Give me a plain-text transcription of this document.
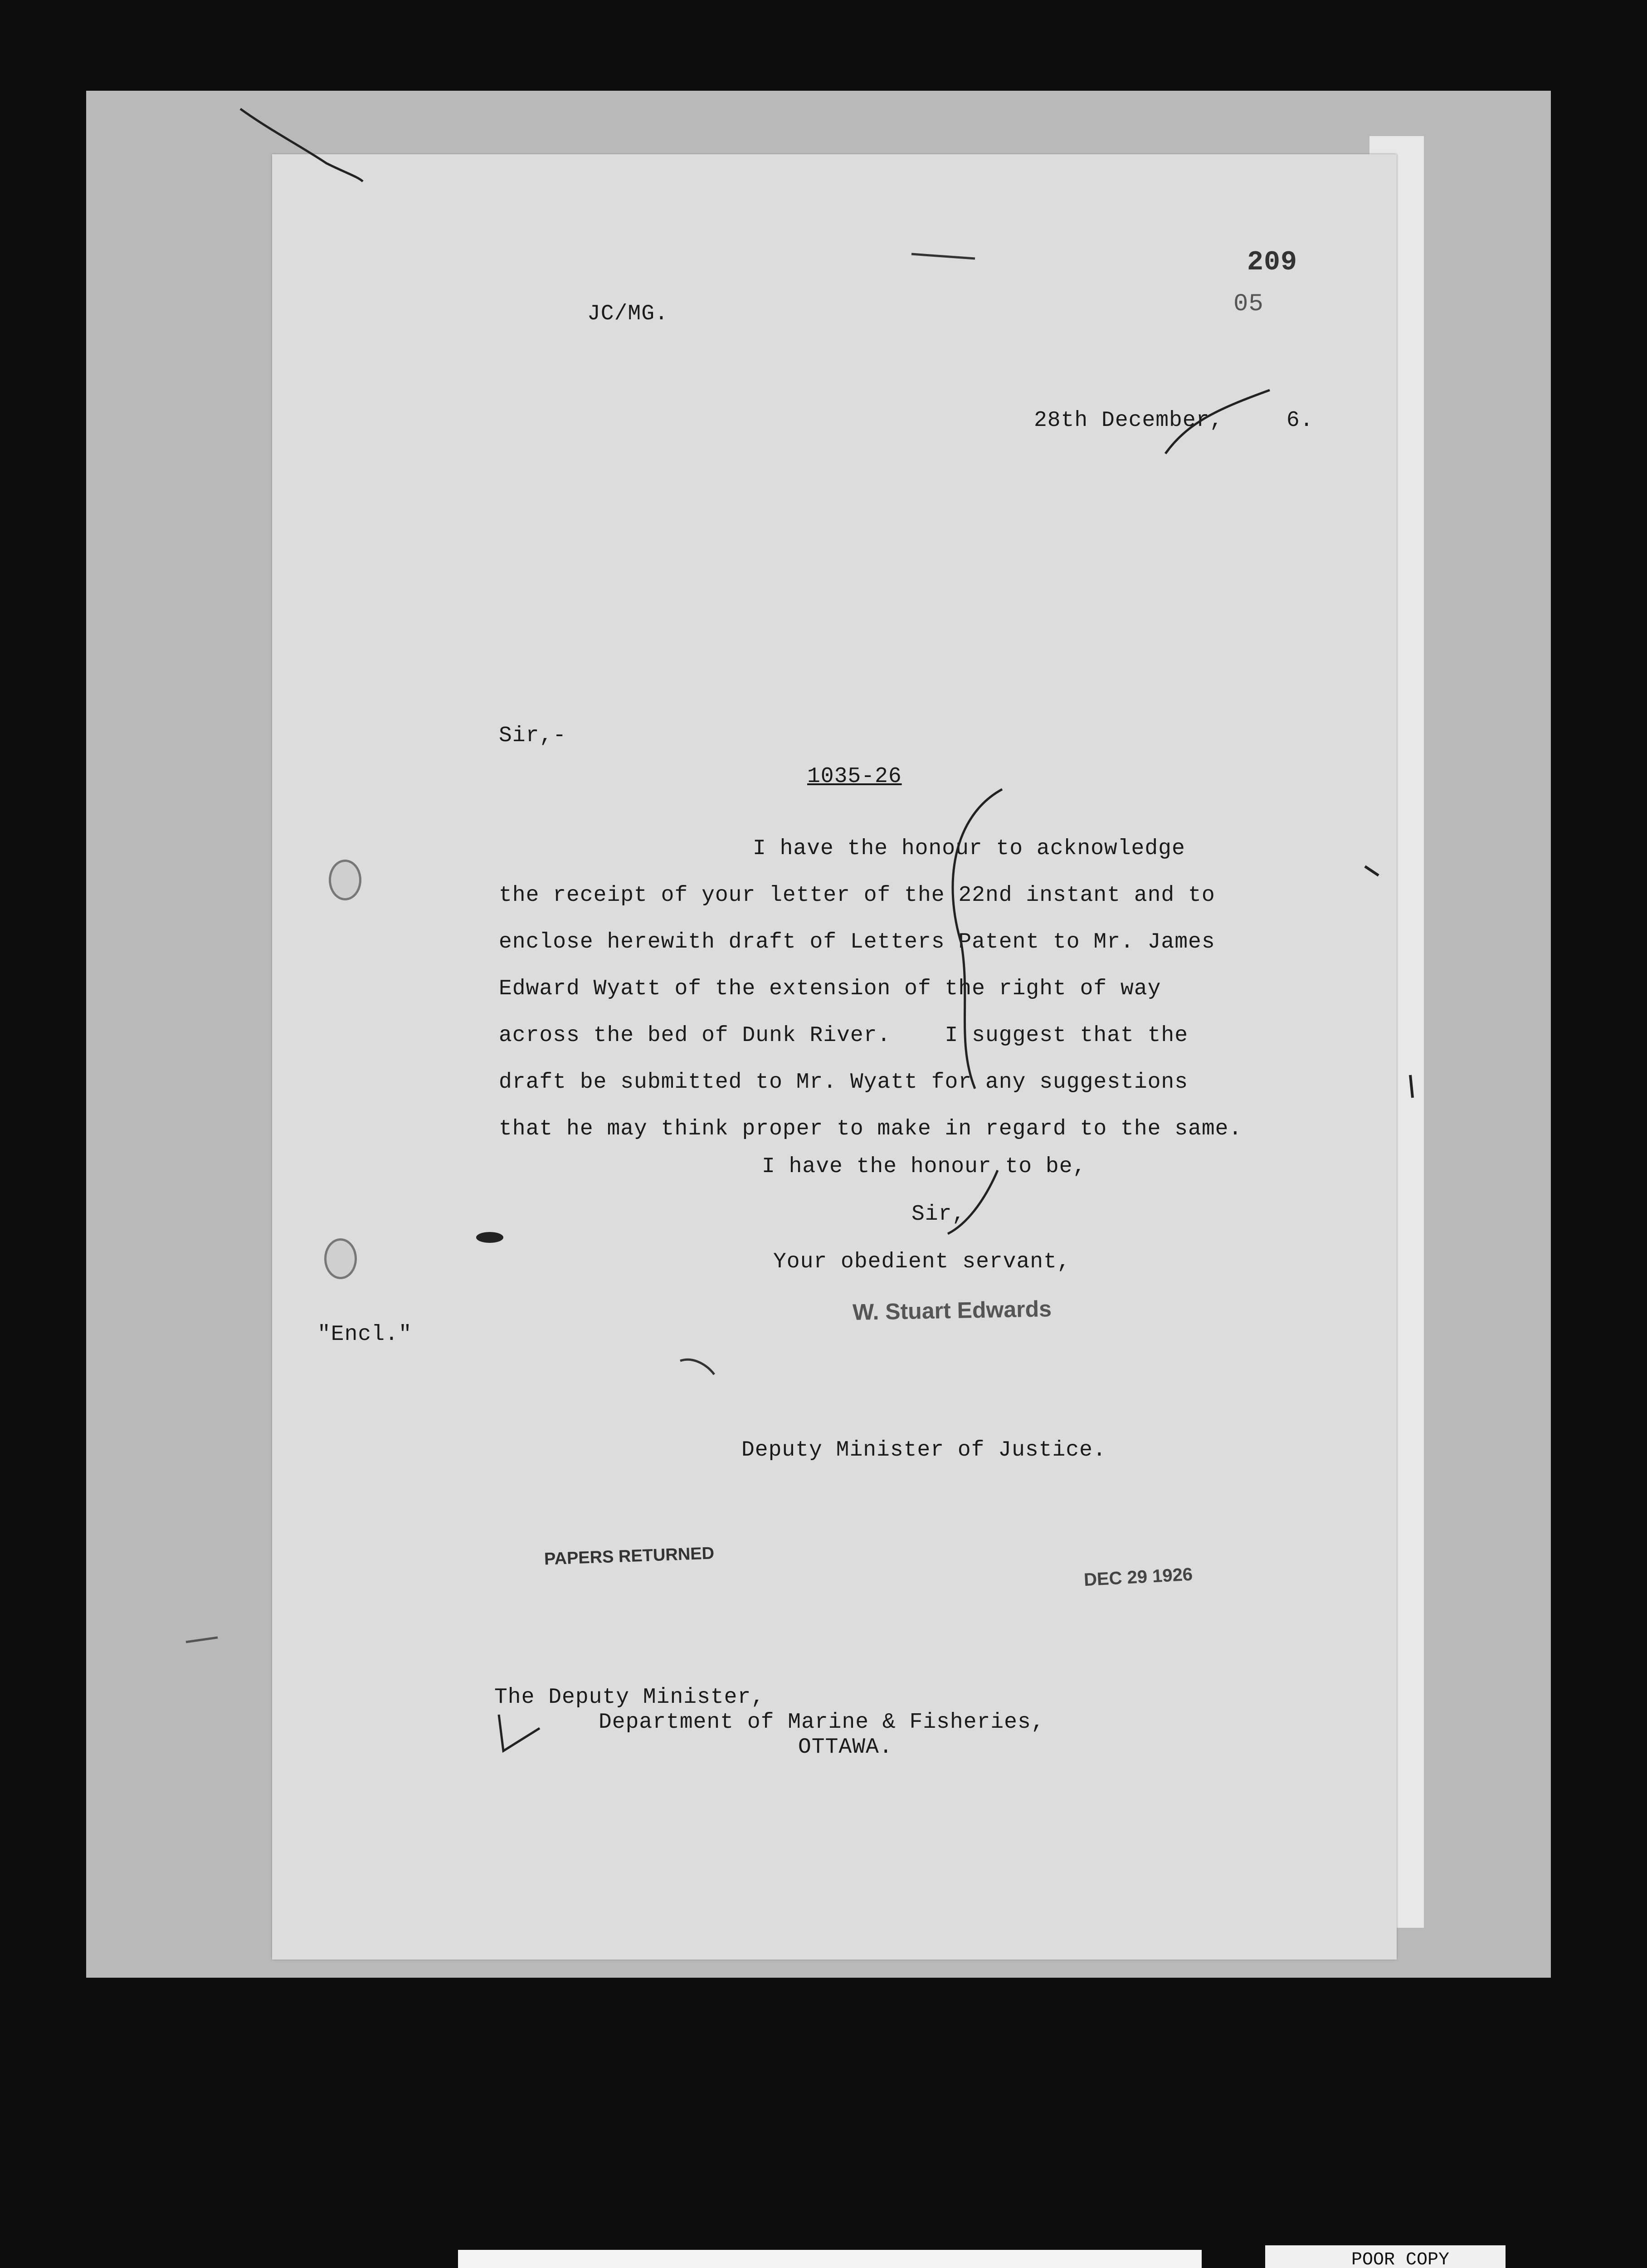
209
05
JC/MG.
28th December,	6.
Sir,-
1035-26
I have the honour to acknowledge
the receipt of your letter of the 22nd instant and to
enclose herewith draft of Letters Patent to Mr. James
Edward Wyatt of the extension of the right of way
across the bed of Dunk River.    I suggest that the
draft be submitted to Mr. Wyatt for any suggestions
that he may think proper to make in regard to the same.
I have the honour to be,
Sir,
Your obedient servant,
W. Stuart Edwards
"Encl."
Deputy Minister of Justice.
PAPERS RETURNED
DEC 29 1926
The Deputy Minister,
Department of Marine & Fisheries,
OTTAWA.
POOR COPY
